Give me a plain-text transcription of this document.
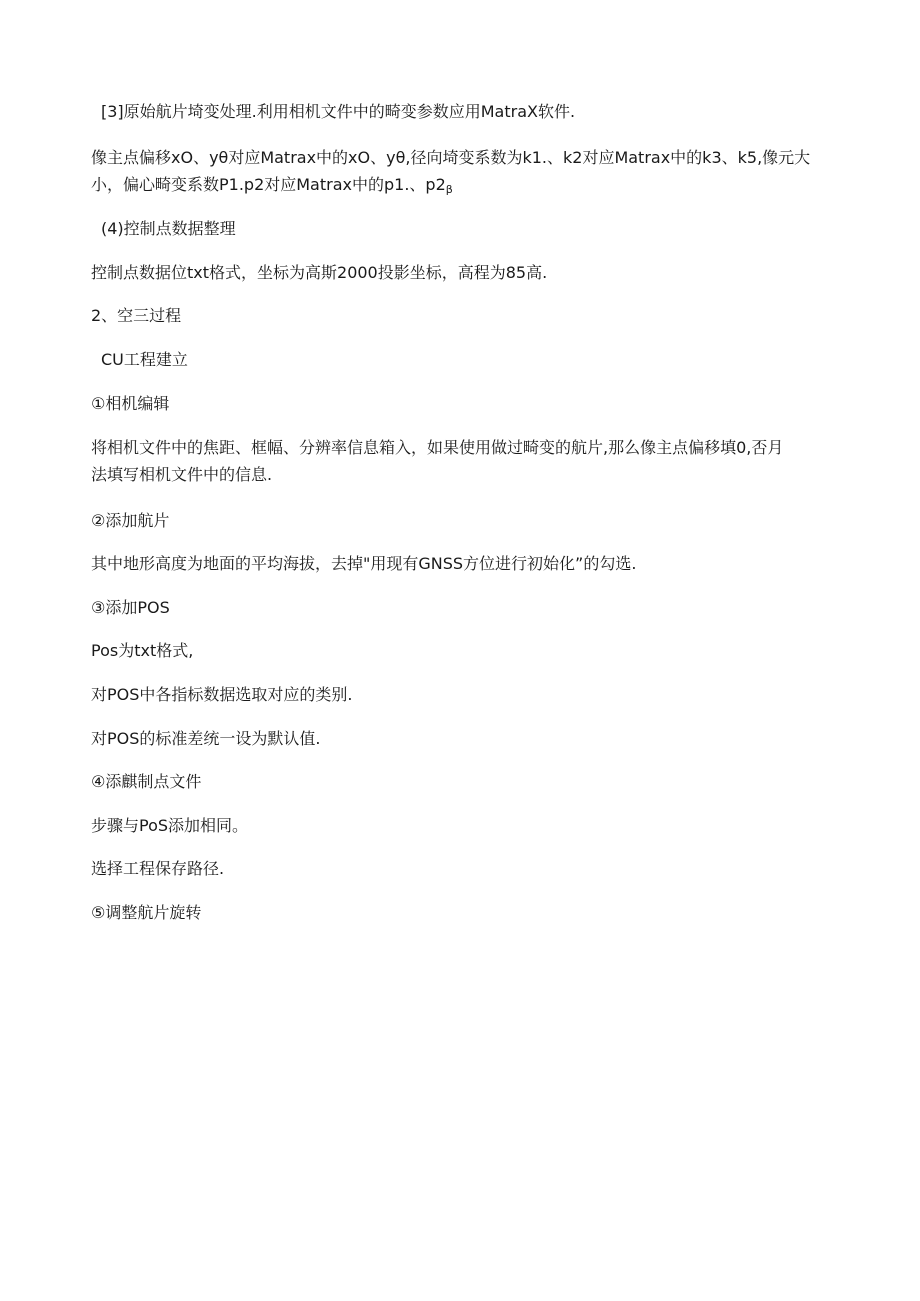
[3]原始航片埼变处理.利用相机文件中的畸变参数应用MatraX软件.
像主点偏移xO、yθ对应Matrax中的xO、yθ,径向埼变系数为k1.、k2对应Matrax中的k3、k5,像元大
小，偏心畸变系数P1.p2对应Matrax中的p1.、$p2_\beta$
(4)控制点数据整理
控制点数据位txt格式，坐标为高斯2000投影坐标，高程为85高.
2、空三过程
CU工程建立
①相机编辑
将相机文件中的焦距、框幅、分辨率信息箱入，如果使用做过畸变的航片,那么像主点偏移填0,否月
法填写相机文件中的信息.
②添加航片
其中地形高度为地面的平均海拔，去掉"用现有GNSS方位进行初始化”的勾选.
③添加POS
Pos为txt格式,
对POS中各指标数据选取对应的类别.
对POS的标准差统一设为默认值.
④添麒制点文件
步骤与PoS添加相同。
选择工程保存路径.
⑤调整航片旋转
